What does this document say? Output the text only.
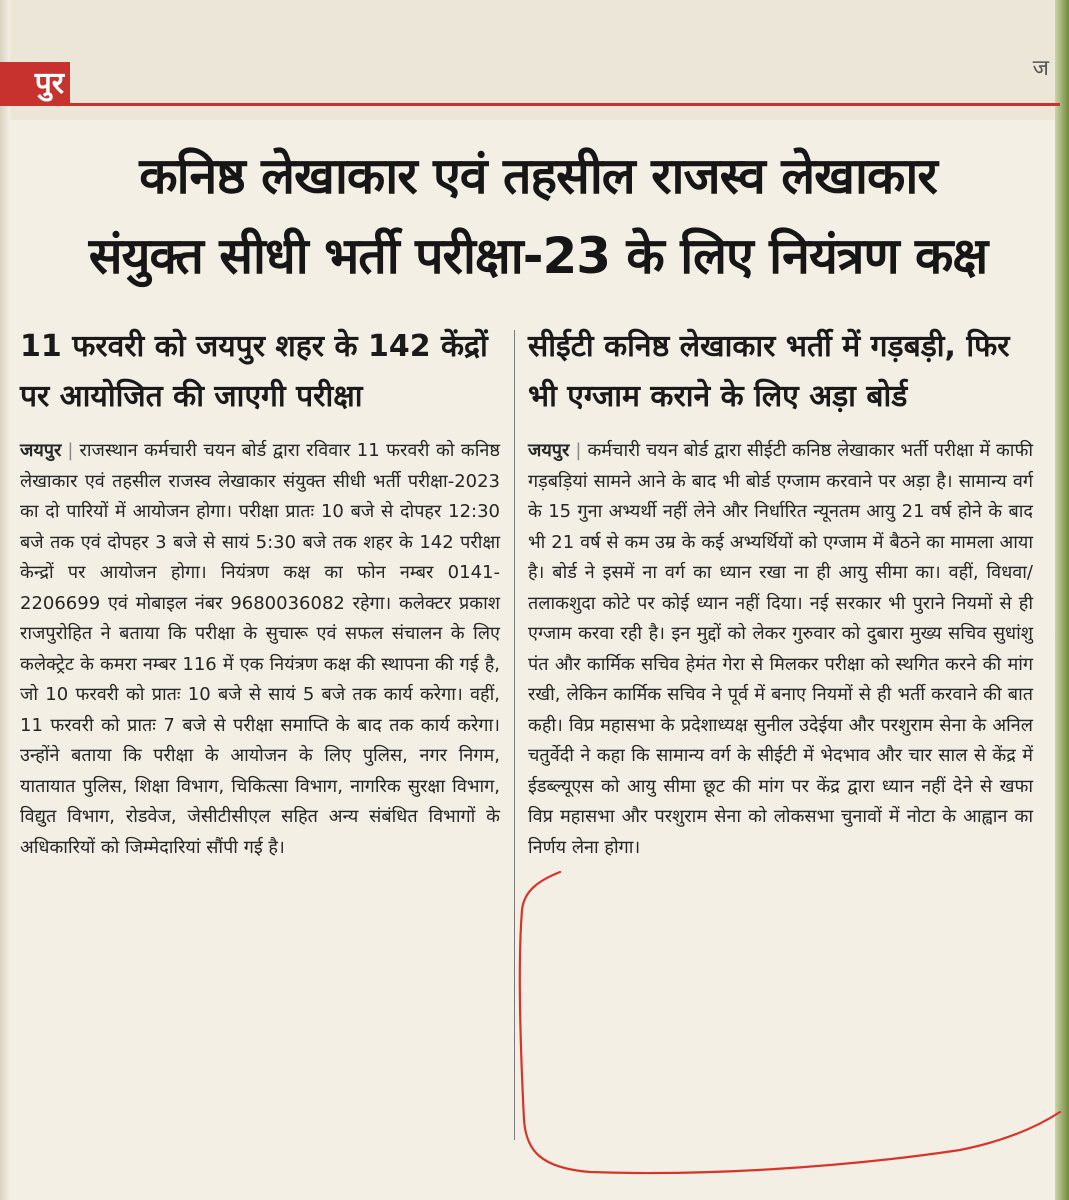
पुर	ज
कनिष्ठ लेखाकार एवं तहसील राजस्व लेखाकार
संयुक्त सीधी भर्ती परीक्षा-23 के लिए नियंत्रण कक्ष
11 फरवरी को जयपुर शहर के 142 केंद्रों पर आयोजित की जाएगी परीक्षा

जयपुर | राजस्थान कर्मचारी चयन बोर्ड द्वारा रविवार 11 फरवरी को कनिष्ठ लेखाकार एवं तहसील राजस्व लेखाकार संयुक्त सीधी भर्ती परीक्षा-2023 का दो पारियों में आयोजन होगा। परीक्षा प्रातः 10 बजे से दोपहर 12:30 बजे तक एवं दोपहर 3 बजे से सायं 5:30 बजे तक शहर के 142 परीक्षा केन्द्रों पर आयोजन होगा। नियंत्रण कक्ष का फोन नम्बर 0141-2206699 एवं मोबाइल नंबर 9680036082 रहेगा। कलेक्टर प्रकाश राजपुरोहित ने बताया कि परीक्षा के सुचारू एवं सफल संचालन के लिए कलेक्ट्रेट के कमरा नम्बर 116 में एक नियंत्रण कक्ष की स्थापना की गई है, जो 10 फरवरी को प्रातः 10 बजे से सायं 5 बजे तक कार्य करेगा। वहीं, 11 फरवरी को प्रातः 7 बजे से परीक्षा समाप्ति के बाद तक कार्य करेगा। उन्होंने बताया कि परीक्षा के आयोजन के लिए पुलिस, नगर निगम, यातायात पुलिस, शिक्षा विभाग, चिकित्सा विभाग, नागरिक सुरक्षा विभाग, विद्युत विभाग, रोडवेज, जेसीटीसीएल सहित अन्य संबंधित विभागों के अधिकारियों को जिम्मेदारियां सौंपी गई है।

सीईटी कनिष्ठ लेखाकार भर्ती में गड़बड़ी, फिर भी एग्जाम कराने के लिए अड़ा बोर्ड

जयपुर | कर्मचारी चयन बोर्ड द्वारा सीईटी कनिष्ठ लेखाकार भर्ती परीक्षा में काफी गड़बड़ियां सामने आने के बाद भी बोर्ड एग्जाम करवाने पर अड़ा है। सामान्य वर्ग के 15 गुना अभ्यर्थी नहीं लेने और निर्धारित न्यूनतम आयु 21 वर्ष होने के बाद भी 21 वर्ष से कम उम्र के कई अभ्यर्थियों को एग्जाम में बैठने का मामला आया है। बोर्ड ने इसमें ना वर्ग का ध्यान रखा ना ही आयु सीमा का। वहीं, विधवा/तलाकशुदा कोटे पर कोई ध्यान नहीं दिया। नई सरकार भी पुराने नियमों से ही एग्जाम करवा रही है। इन मुद्दों को लेकर गुरुवार को दुबारा मुख्य सचिव सुधांशु पंत और कार्मिक सचिव हेमंत गेरा से मिलकर परीक्षा को स्थगित करने की मांग रखी, लेकिन कार्मिक सचिव ने पूर्व में बनाए नियमों से ही भर्ती करवाने की बात कही। विप्र महासभा के प्रदेशाध्यक्ष सुनील उदेईया और परशुराम सेना के अनिल चतुर्वेदी ने कहा कि सामान्य वर्ग के सीईटी में भेदभाव और चार साल से केंद्र में ईडब्ल्यूएस को आयु सीमा छूट की मांग पर केंद्र द्वारा ध्यान नहीं देने से खफा विप्र महासभा और परशुराम सेना को लोकसभा चुनावों में नोटा के आह्वान का निर्णय लेना होगा।
